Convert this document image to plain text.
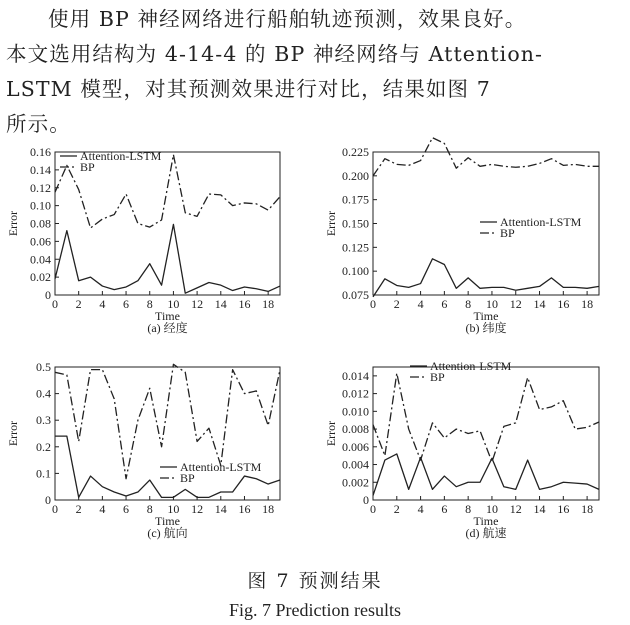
使用 BP 神经网络进行船舶轨迹预测，效果良好。

本文选用结构为 4-14-4 的 BP 神经网络与 Attention-

LSTM 模型，对其预测效果进行对比，结果如图 7

所示。

0
0.02
0.04
0.06
0.08
0.10
0.12
0.14
0.16
0 2 4 6 8 10 12 14 16 18
Time
Error
(a) 经度
Attention-LSTM
BP
0.075
0.100
0.125
0.150
0.175
0.200
0.225
0 2 4 6 8 10 12 14 16 18
Time
Error
(b) 纬度
Attention-LSTM
BP
0
0.1
0.2
0.3
0.4
0.5
0 2 4 6 8 10 12 14 16 18
Time
Error
(c) 航向
Attention-LSTM
BP
0
0.002
0.004
0.006
0.008
0.010
0.012
0.014
0 2 4 6 8 10 12 14 16 18
Time
Error
(d) 航速
Attention-LSTM
BP
图 7 预测结果
Fig. 7 Prediction results
